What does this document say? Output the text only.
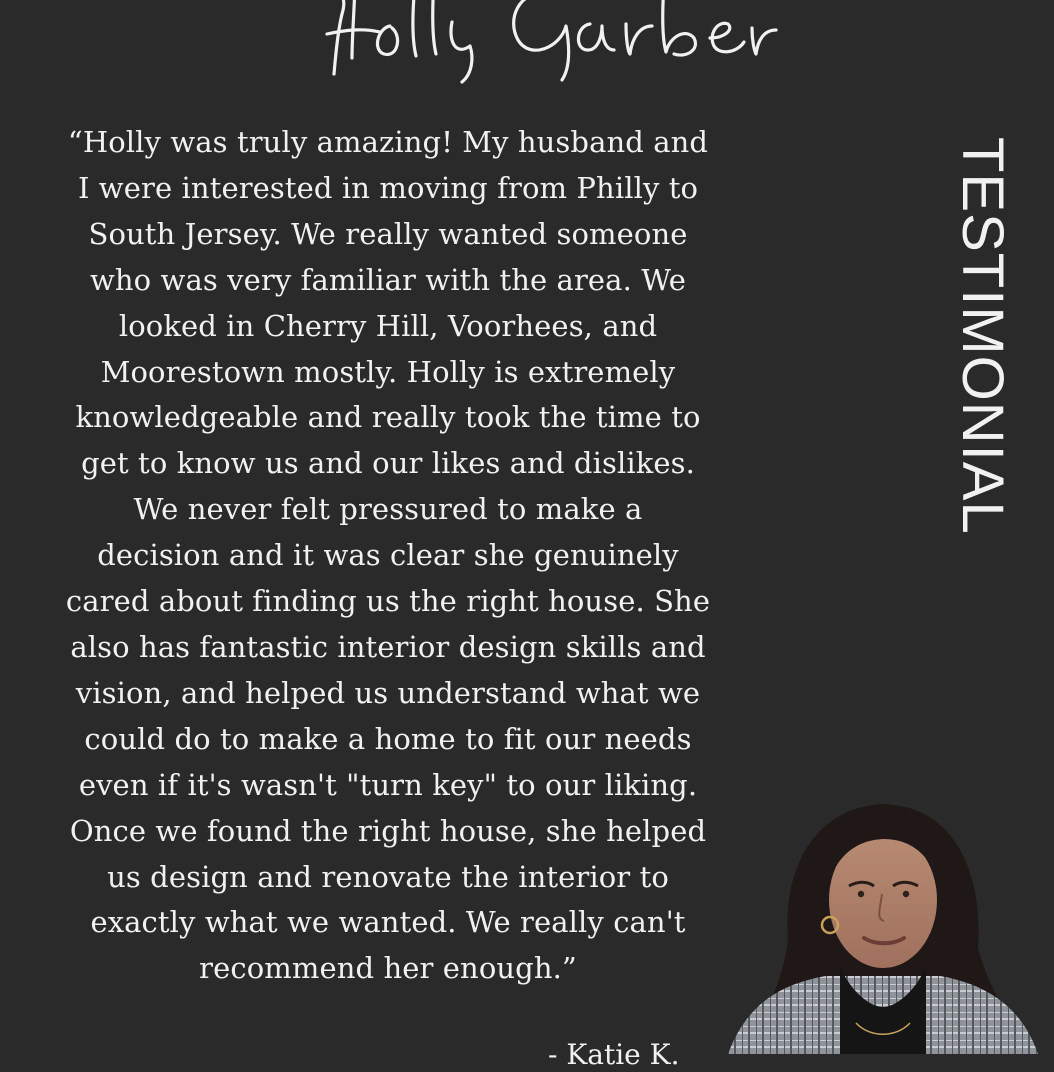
“Holly was truly amazing! My husband and
I were interested in moving from Philly to
South Jersey. We really wanted someone
who was very familiar with the area. We
looked in Cherry Hill, Voorhees, and
Moorestown mostly. Holly is extremely
knowledgeable and really took the time to
get to know us and our likes and dislikes.
We never felt pressured to make a
decision and it was clear she genuinely
cared about finding us the right house. She
also has fantastic interior design skills and
vision, and helped us understand what we
could do to make a home to fit our needs
even if it's wasn't "turn key" to our liking.
Once we found the right house, she helped
us design and renovate the interior to
exactly what we wanted. We really can't
recommend her enough.”

TESTIMONIAL
- Katie K.
